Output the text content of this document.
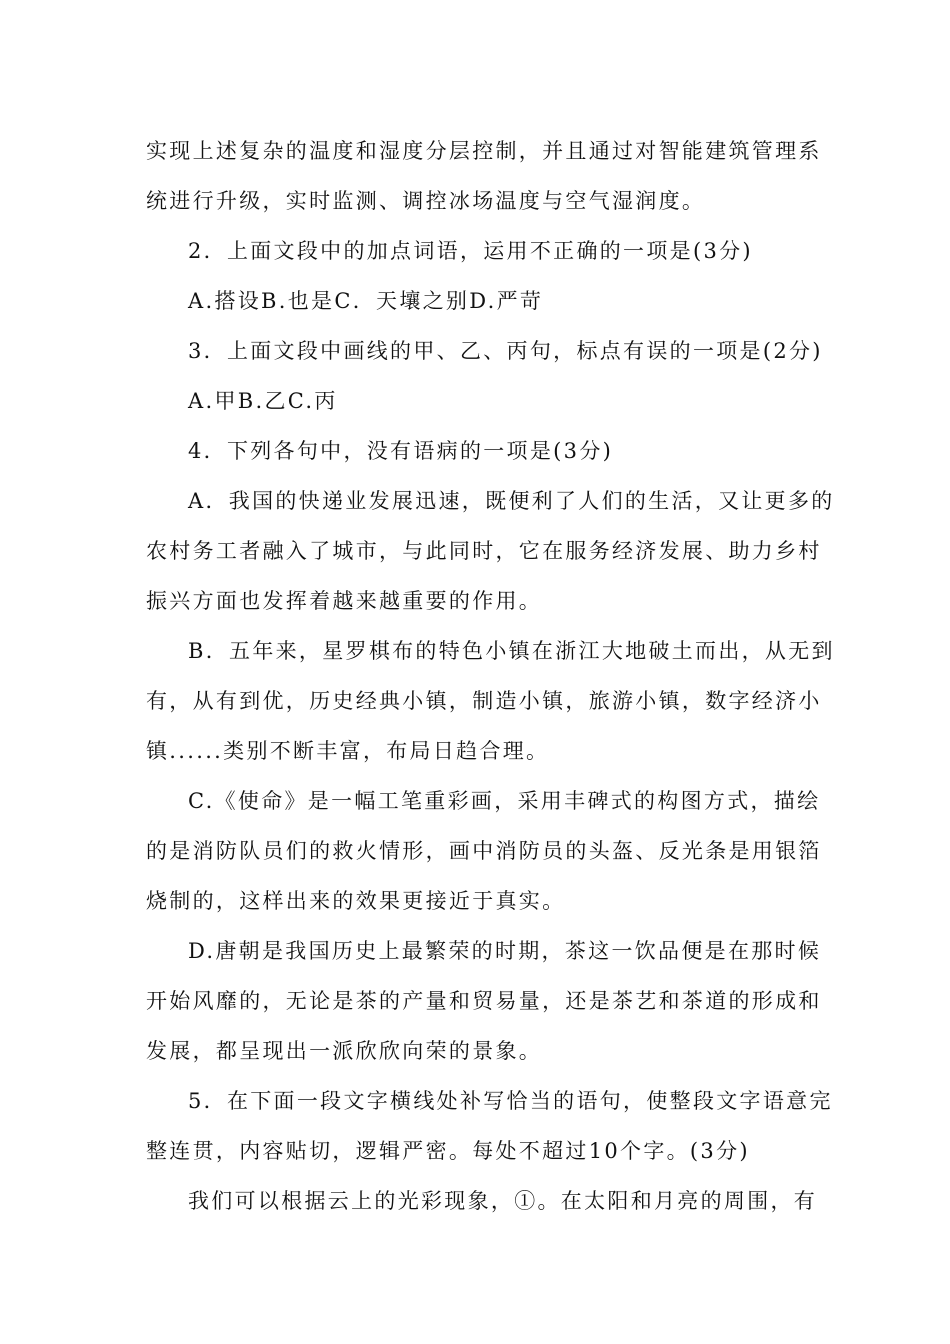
实现上述复杂的温度和湿度分层控制，并且通过对智能建筑管理系
统进行升级，实时监测、调控冰场温度与空气湿润度。
2．上面文段中的加点词语，运用不正确的一项是(3分)
A.搭设B.也是C．天壤之别D.严苛
3．上面文段中画线的甲、乙、丙句，标点有误的一项是(2分)
A.甲B.乙C.丙
4．下列各句中，没有语病的一项是(3分)
A．我国的快递业发展迅速，既便利了人们的生活，又让更多的
农村务工者融入了城市，与此同时，它在服务经济发展、助力乡村
振兴方面也发挥着越来越重要的作用。
B．五年来，星罗棋布的特色小镇在浙江大地破土而出，从无到
有，从有到优，历史经典小镇，制造小镇，旅游小镇，数字经济小
镇......类别不断丰富，布局日趋合理。
C.《使命》是一幅工笔重彩画，采用丰碑式的构图方式，描绘
的是消防队员们的救火情形，画中消防员的头盔、反光条是用银箔
烧制的，这样出来的效果更接近于真实。
D.唐朝是我国历史上最繁荣的时期，茶这一饮品便是在那时候
开始风靡的，无论是茶的产量和贸易量，还是茶艺和茶道的形成和
发展，都呈现出一派欣欣向荣的景象。
5．在下面一段文字横线处补写恰当的语句，使整段文字语意完
整连贯，内容贴切，逻辑严密。每处不超过10个字。(3分)
我们可以根据云上的光彩现象，①。在太阳和月亮的周围，有
